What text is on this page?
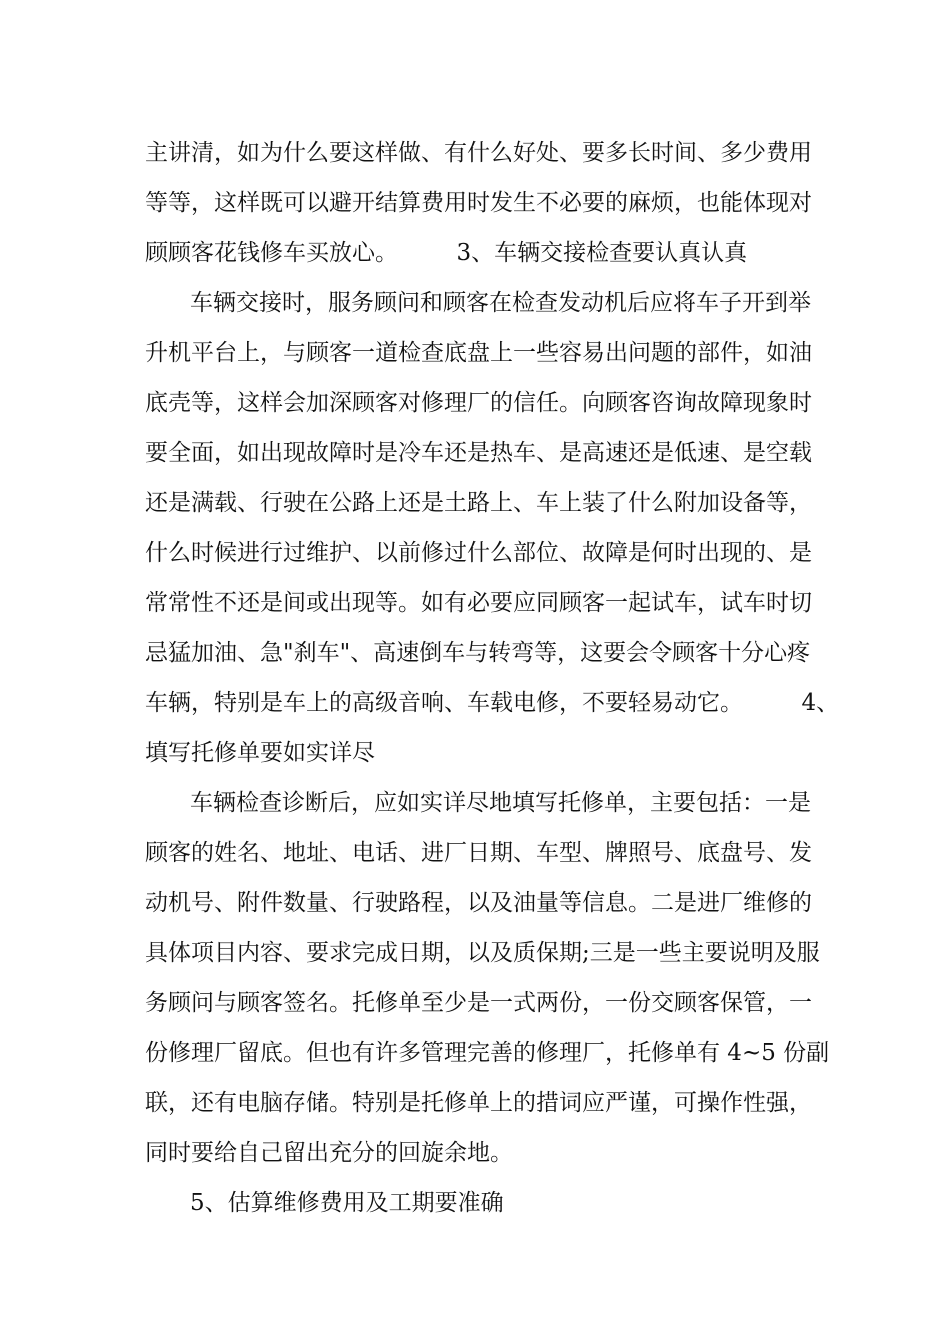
主讲清，如为什么要这样做、有什么好处、要多长时间、多少费用
等等，这样既可以避开结算费用时发生不必要的麻烦，也能体现对
顾顾客花钱修车买放心。        3、车辆交接检查要认真认真
车辆交接时，服务顾问和顾客在检查发动机后应将车子开到举
升机平台上，与顾客一道检查底盘上一些容易出问题的部件，如油
底壳等，这样会加深顾客对修理厂的信任。向顾客咨询故障现象时
要全面，如出现故障时是冷车还是热车、是高速还是低速、是空载
还是满载、行驶在公路上还是土路上、车上装了什么附加设备等，
什么时候进行过维护、以前修过什么部位、故障是何时出现的、是
常常性不还是间或出现等。如有必要应同顾客一起试车，试车时切
忌猛加油、急"刹车"、高速倒车与转弯等，这要会令顾客十分心疼
车辆，特别是车上的高级音响、车载电修，不要轻易动它。        4、
填写托修单要如实详尽
车辆检查诊断后，应如实详尽地填写托修单，主要包括：一是
顾客的姓名、地址、电话、进厂日期、车型、牌照号、底盘号、发
动机号、附件数量、行驶路程，以及油量等信息。二是进厂维修的
具体项目内容、要求完成日期，以及质保期;三是一些主要说明及服
务顾问与顾客签名。托修单至少是一式两份，一份交顾客保管，一
份修理厂留底。但也有许多管理完善的修理厂，托修单有 4~5 份副
联，还有电脑存储。特别是托修单上的措词应严谨，可操作性强，
同时要给自己留出充分的回旋余地。
5、估算维修费用及工期要准确
